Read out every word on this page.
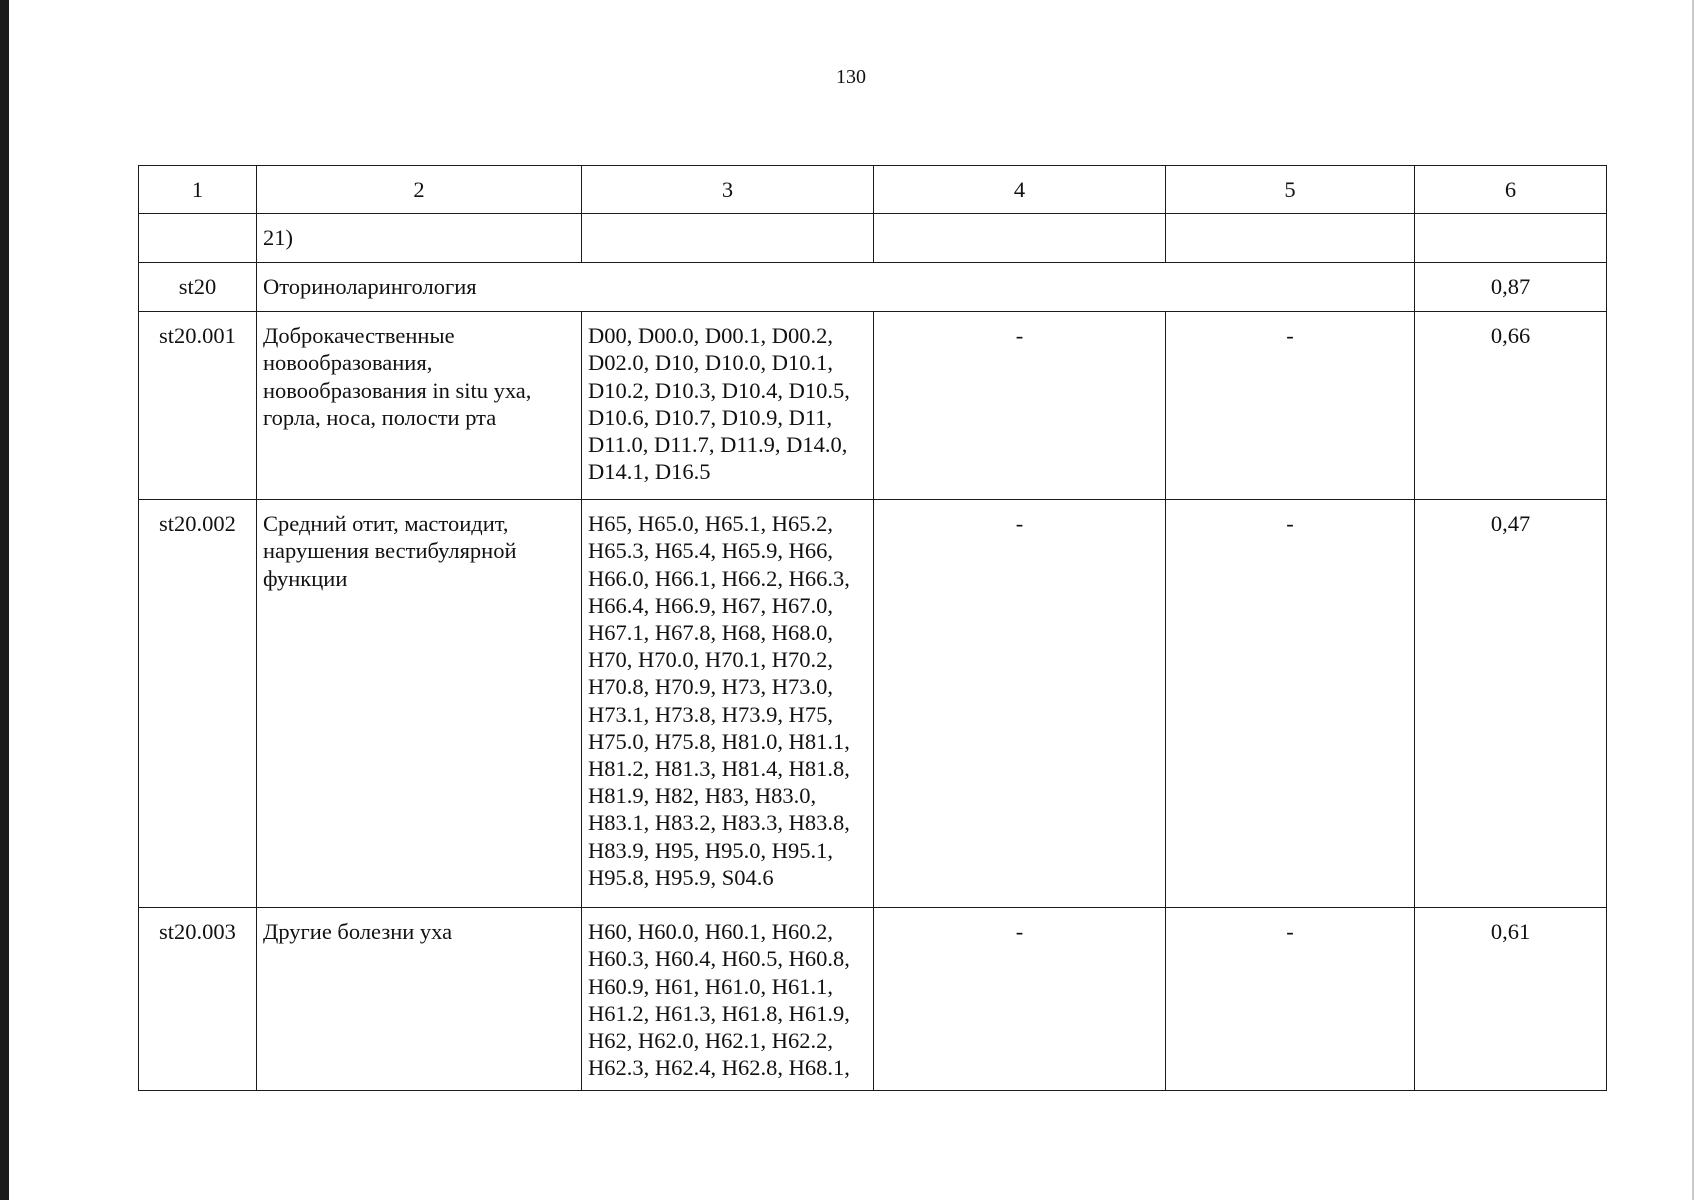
130
1	2	3	4	5	6
	21)				
st20	Оториноларингология				0,87
st20.001	Доброкачественные новообразования, новообразования in situ уха, горла, носа, полости рта	D00, D00.0, D00.1, D00.2, D02.0, D10, D10.0, D10.1, D10.2, D10.3, D10.4, D10.5, D10.6, D10.7, D10.9, D11, D11.0, D11.7, D11.9, D14.0, D14.1, D16.5	-	-	0,66
st20.002	Средний отит, мастоидит, нарушения вестибулярной функции	H65, H65.0, H65.1, H65.2, H65.3, H65.4, H65.9, H66, H66.0, H66.1, H66.2, H66.3, H66.4, H66.9, H67, H67.0, H67.1, H67.8, H68, H68.0, H70, H70.0, H70.1, H70.2, H70.8, H70.9, H73, H73.0, H73.1, H73.8, H73.9, H75, H75.0, H75.8, H81.0, H81.1, H81.2, H81.3, H81.4, H81.8, H81.9, H82, H83, H83.0, H83.1, H83.2, H83.3, H83.8, H83.9, H95, H95.0, H95.1, H95.8, H95.9, S04.6	-	-	0,47
st20.003	Другие болезни уха	H60, H60.0, H60.1, H60.2, H60.3, H60.4, H60.5, H60.8, H60.9, H61, H61.0, H61.1, H61.2, H61.3, H61.8, H61.9, H62, H62.0, H62.1, H62.2, H62.3, H62.4, H62.8, H68.1,	-	-	0,61
